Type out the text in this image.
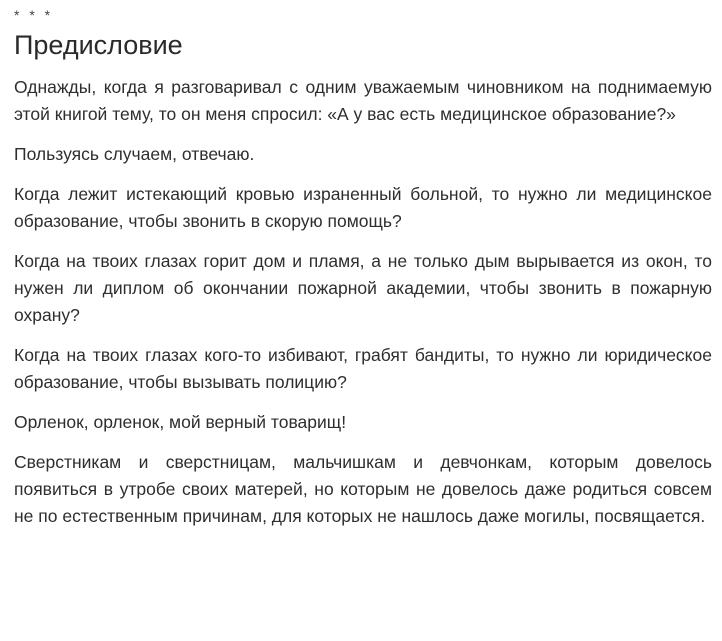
* * *
Предисловие

Однажды, когда я разговаривал с одним уважаемым чиновником на поднимаемую этой книгой тему, то он меня спросил: «А у вас есть медицинское образование?»

Пользуясь случаем, отвечаю.

Когда лежит истекающий кровью израненный больной, то нужно ли медицинское образование, чтобы звонить в скорую помощь?

Когда на твоих глазах горит дом и пламя, а не только дым вырывается из окон, то нужен ли диплом об окончании пожарной академии, чтобы звонить в пожарную охрану?

Когда на твоих глазах кого-то избивают, грабят бандиты, то нужно ли юридическое образование, чтобы вызывать полицию?

Орленок, орленок, мой верный товарищ!

Сверстникам и сверстницам, мальчишкам и девчонкам, которым довелось появиться в утробе своих матерей, но которым не довелось даже родиться совсем не по естественным причинам, для которых не нашлось даже могилы, посвящается.
